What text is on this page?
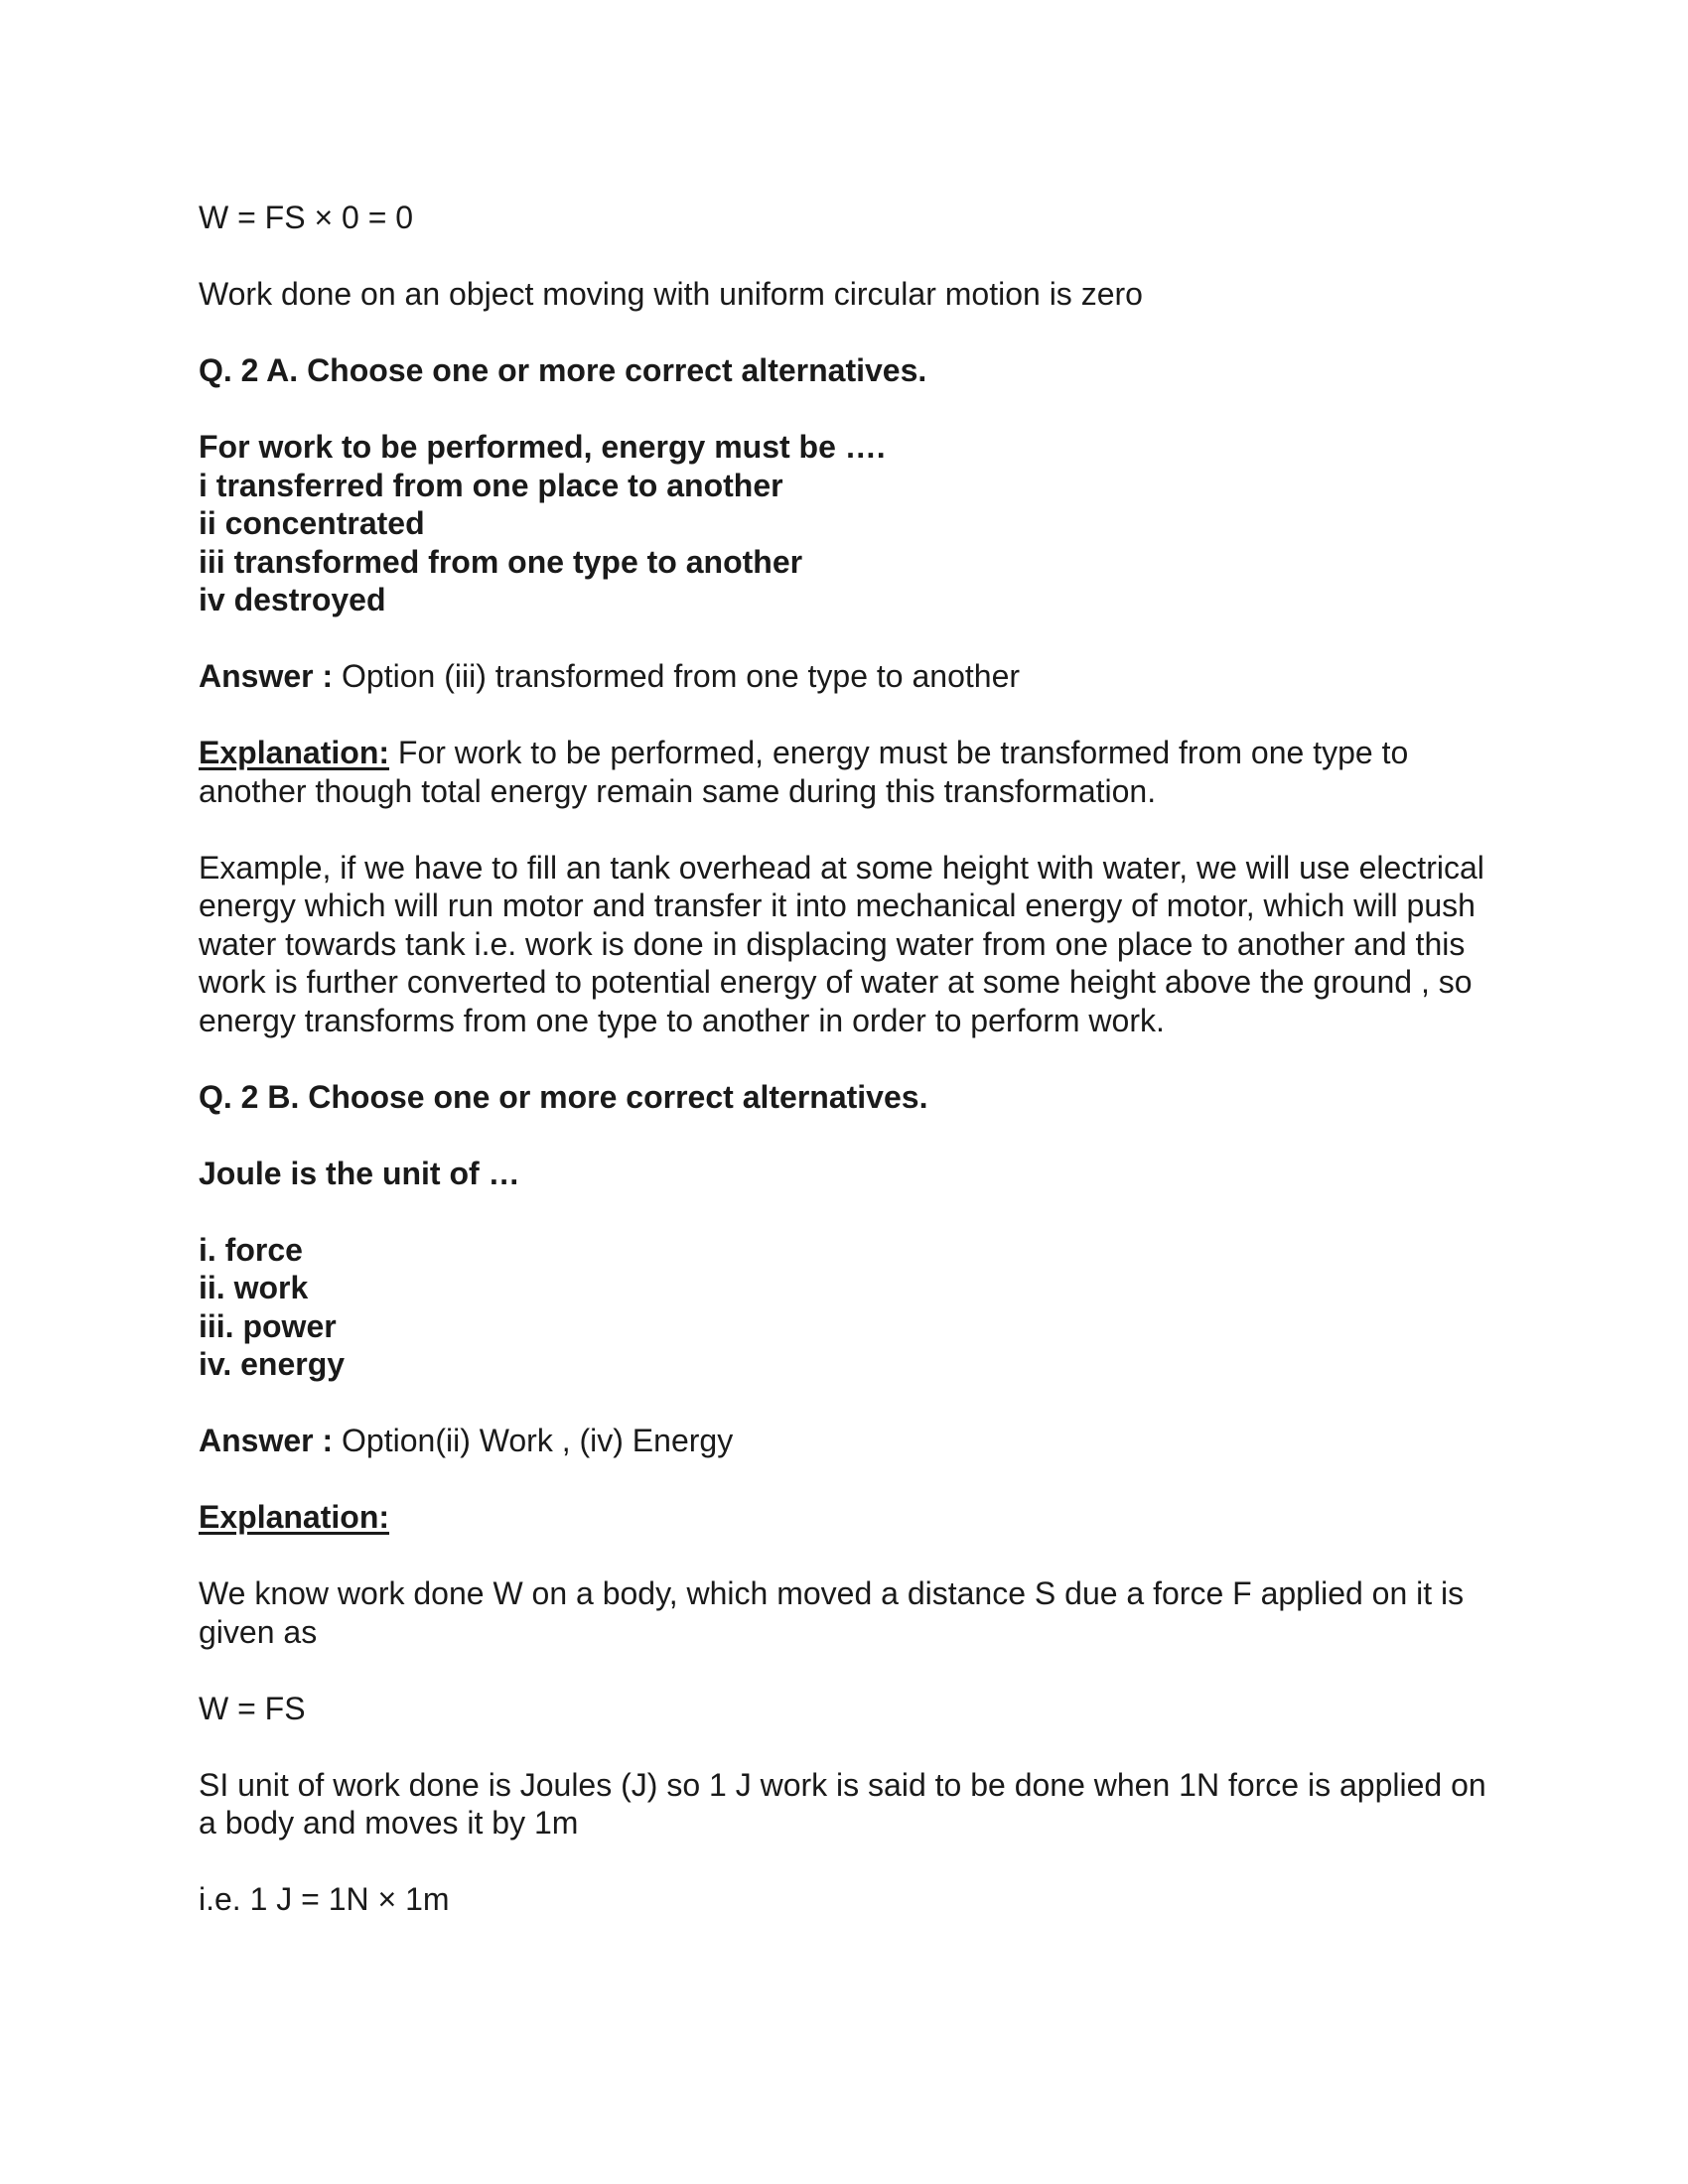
W = FS × 0 = 0

Work done on an object moving with uniform circular motion is zero

Q. 2 A. Choose one or more correct alternatives.

For work to be performed, energy must be ….
i transferred from one place to another
ii concentrated
iii transformed from one type to another
iv destroyed

Answer : Option (iii) transformed from one type to another

Explanation: For work to be performed, energy must be transformed from one type to another though total energy remain same during this transformation.

Example, if we have to fill an tank overhead at some height with water, we will use electrical energy which will run motor and transfer it into mechanical energy of motor, which will push water towards tank i.e. work is done in displacing water from one place to another and this work is further converted to potential energy of water at some height above the ground , so energy transforms from one type to another in order to perform work.

Q. 2 B. Choose one or more correct alternatives.

Joule is the unit of …

i. force
ii. work
iii. power
iv. energy

Answer : Option(ii) Work , (iv) Energy

Explanation:

We know work done W on a body, which moved a distance S due a force F applied on it is given as

W = FS

SI unit of work done is Joules (J) so 1 J work is said to be done when 1N force is applied on a body and moves it by 1m

i.e. 1 J = 1N × 1m
